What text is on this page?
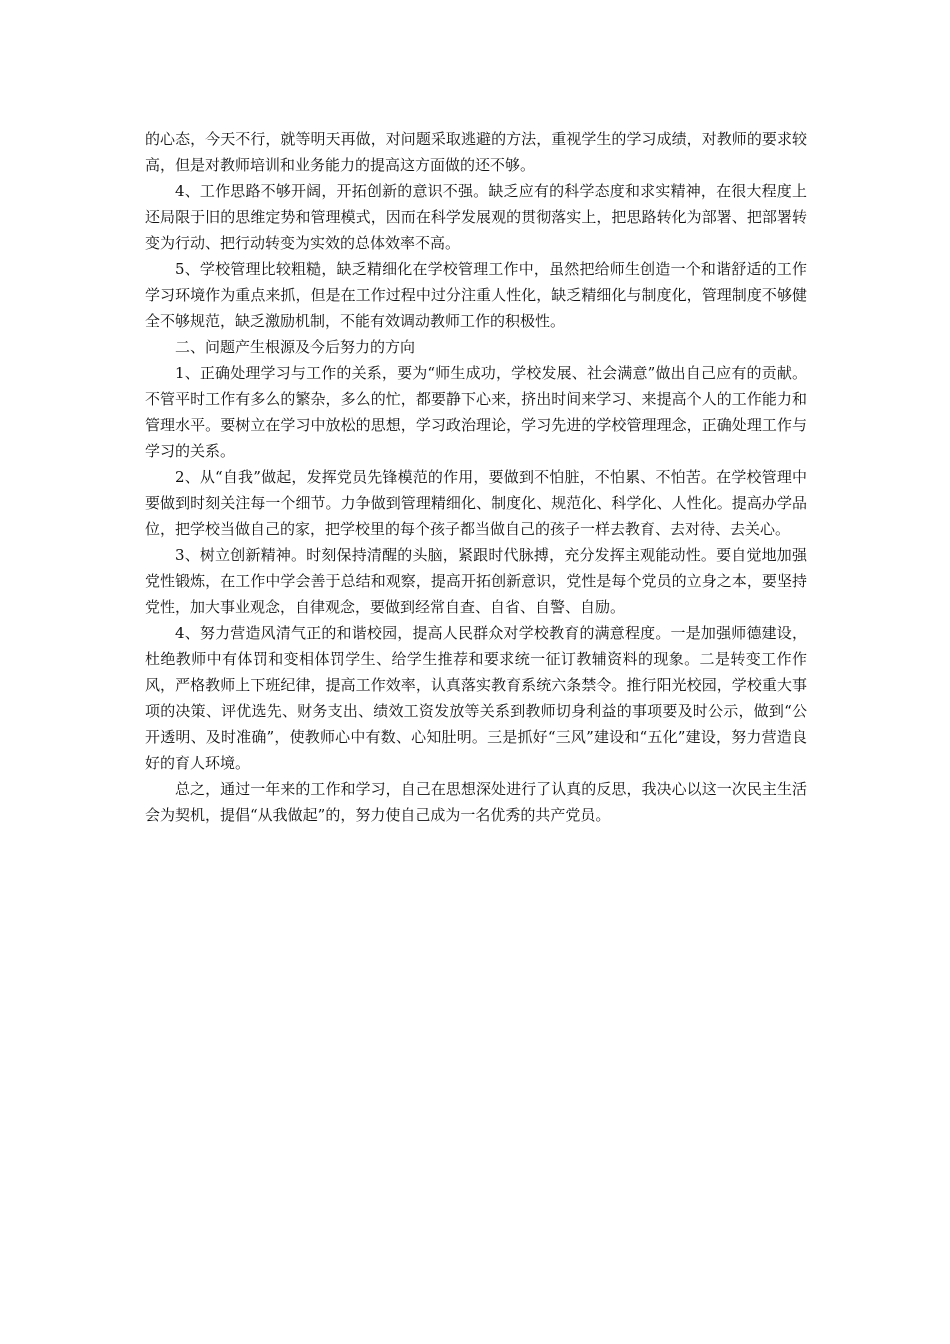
的心态，今天不行，就等明天再做，对问题采取逃避的方法，重视学生的学习成绩，对教师的要求较高，但是对教师培训和业务能力的提高这方面做的还不够。

4、工作思路不够开阔，开拓创新的意识不强。缺乏应有的科学态度和求实精神，在很大程度上还局限于旧的思维定势和管理模式，因而在科学发展观的贯彻落实上，把思路转化为部署、把部署转变为行动、把行动转变为实效的总体效率不高。

5、学校管理比较粗糙，缺乏精细化在学校管理工作中，虽然把给师生创造一个和谐舒适的工作学习环境作为重点来抓，但是在工作过程中过分注重人性化，缺乏精细化与制度化，管理制度不够健全不够规范，缺乏激励机制，不能有效调动教师工作的积极性。

二、问题产生根源及今后努力的方向

1、正确处理学习与工作的关系，要为“师生成功，学校发展、社会满意”做出自己应有的贡献。不管平时工作有多么的繁杂，多么的忙，都要静下心来，挤出时间来学习、来提高个人的工作能力和管理水平。要树立在学习中放松的思想，学习政治理论，学习先进的学校管理理念，正确处理工作与学习的关系。

2、从“自我”做起，发挥党员先锋模范的作用，要做到不怕脏，不怕累、不怕苦。在学校管理中要做到时刻关注每一个细节。力争做到管理精细化、制度化、规范化、科学化、人性化。提高办学品位，把学校当做自己的家，把学校里的每个孩子都当做自己的孩子一样去教育、去对待、去关心。

3、树立创新精神。时刻保持清醒的头脑，紧跟时代脉搏，充分发挥主观能动性。要自觉地加强党性锻炼，在工作中学会善于总结和观察，提高开拓创新意识，党性是每个党员的立身之本，要坚持党性，加大事业观念，自律观念，要做到经常自查、自省、自警、自励。

4、努力营造风清气正的和谐校园，提高人民群众对学校教育的满意程度。一是加强师德建设，杜绝教师中有体罚和变相体罚学生、给学生推荐和要求统一征订教辅资料的现象。二是转变工作作风，严格教师上下班纪律，提高工作效率，认真落实教育系统六条禁令。推行阳光校园，学校重大事项的决策、评优选先、财务支出、绩效工资发放等关系到教师切身利益的事项要及时公示，做到“公开透明、及时准确”，使教师心中有数、心知肚明。三是抓好“三风”建设和“五化”建设，努力营造良好的育人环境。

总之，通过一年来的工作和学习，自己在思想深处进行了认真的反思，我决心以这一次民主生活会为契机，提倡“从我做起”的，努力使自己成为一名优秀的共产党员。
